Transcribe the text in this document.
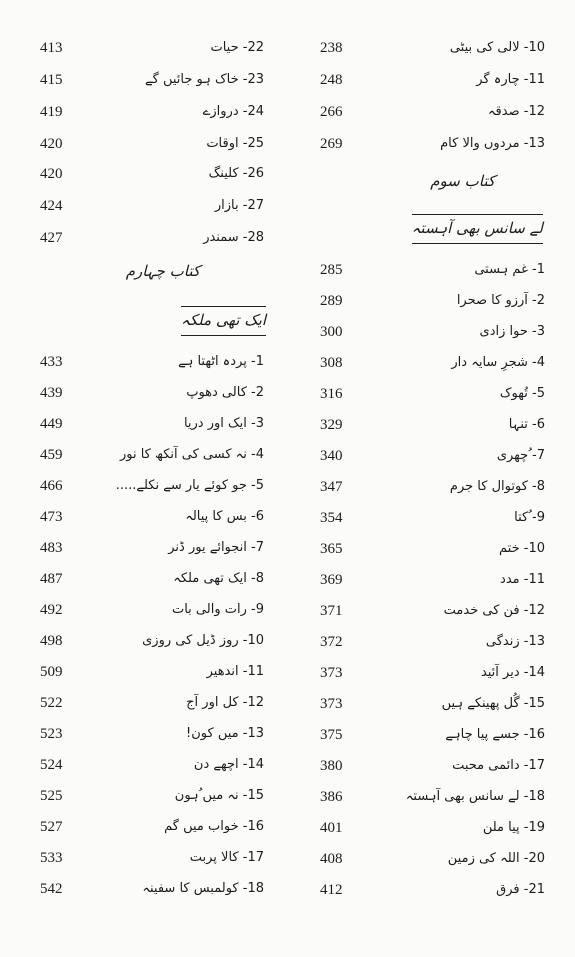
238	10- لالی کی بیٹی
248	11- چارہ گر
266	12- صدقہ
269	13- مردوں والا کام
کتاب سوم
لے سانس بھی آہستہ
285	1- غم ہستی
289	2- آرزو کا صحرا
300	3- حوا زادی
308	4- شجرِ سایہ دار
316	5- تُھوک
329	6- تنہا
340	7- ُچھری
347	8- کوتوال کا جرم
354	9- ُکتا
365	10- ختم
369	11- مدد
371	12- فن کی خدمت
372	13- زندگی
373	14- دیر آئید
373	15- گُل پھینکے ہیں
375	16- جسے پیا چاہے
380	17- دائمی محبت
386	18- لے سانس بھی آہستہ
401	19- پیا ملن
408	20- اللہ کی زمین
412	21- فرق
413	22- حیات
415	23- خاک ہو جائیں گے
419	24- دروازے
420	25- اوقات
420	26- کلینگ
424	27- بازار
427	28- سمندر
کتاب چہارم
ایک تھی ملکہ
433	1- پردہ اٹھتا ہے
439	2- کالی دھوپ
449	3- ایک اور دریا
459	4- نہ کسی کی آنکھ کا نور
466	5- جو کوئے یار سے نکلے.....
473	6- بس کا پیالہ
483	7- انجوائے یور ڈنر
487	8- ایک تھی ملکہ
492	9- رات والی بات
498	10- روز ڈیل کی روزی
509	11- اندھیر
522	12- کل اور آج
523	13- میں کون!
524	14- اچھے دن
525	15- نہ میں ُہون
527	16- خواب میں گم
533	17- کالا پربت
542	18- کولمبس کا سفینہ
